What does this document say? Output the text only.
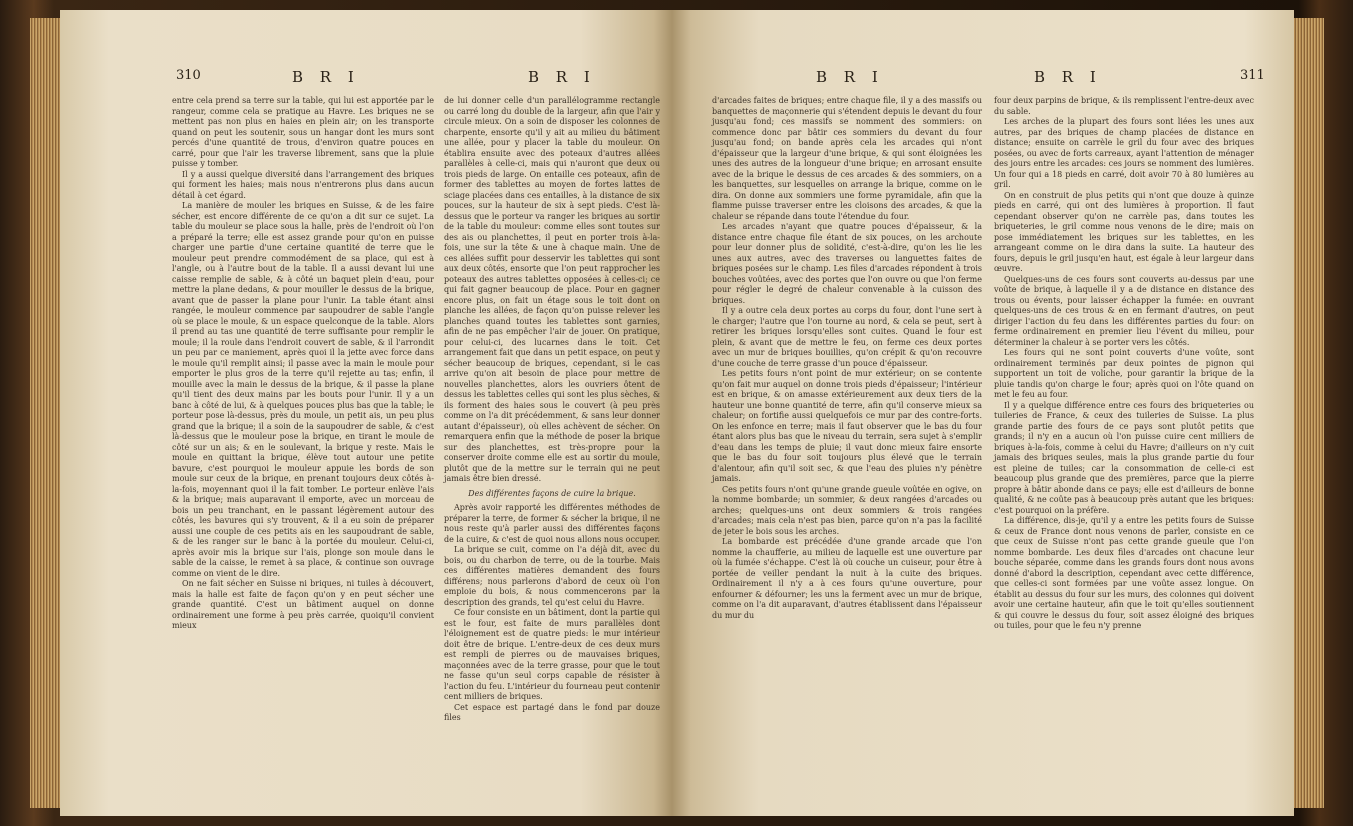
310	B R I	B R I

entre cela prend sa terre sur la table, qui lui est apportée par le rangeur, comme cela se pratique au Havre. Les briques ne se mettent pas non plus en haies en plein air; on les transporte quand on peut les soutenir, sous un hangar dont les murs sont percés d'une quantité de trous, d'environ quatre pouces en carré, pour que l'air les traverse librement, sans que la pluie puisse y tomber.

Il y a aussi quelque diversité dans l'arrangement des briques qui forment les haies; mais nous n'entrerons plus dans aucun détail à cet égard.

La manière de mouler les briques en Suisse, & de les faire sécher, est encore différente de ce qu'on a dit sur ce sujet. La table du mouleur se place sous la halle, près de l'endroit où l'on a préparé la terre; elle est assez grande pour qu'on en puisse charger une partie d'une certaine quantité de terre que le mouleur peut prendre commodément de sa place, qui est à l'angle, ou à l'autre bout de la table. Il a aussi devant lui une caisse remplie de sable, & à côté un baquet plein d'eau, pour mettre la plane dedans, & pour mouiller le dessus de la brique, avant que de passer la plane pour l'unir. La table étant ainsi rangée, le mouleur commence par saupoudrer de sable l'angle où se place le moule, & un espace quelconque de la table. Alors il prend au tas une quantité de terre suffisante pour remplir le moule; il la roule dans l'endroit couvert de sable, & il l'arrondit un peu par ce maniement, après quoi il la jette avec force dans le moule qu'il remplit ainsi; il passe avec la main le moule pour emporter le plus gros de la terre qu'il rejette au tas; enfin, il mouille avec la main le dessus de la brique, & il passe la plane qu'il tient des deux mains par les bouts pour l'unir. Il y a un banc à côté de lui, & à quelques pouces plus bas que la table; le porteur pose là-dessus, près du moule, un petit ais, un peu plus grand que la brique; il a soin de la saupoudrer de sable, & c'est là-dessus que le mouleur pose la brique, en tirant le moule de côté sur un ais; & en le soulevant, la brique y reste. Mais le moule en quittant la brique, élève tout autour une petite bavure, c'est pourquoi le mouleur appuie les bords de son moule sur ceux de la brique, en prenant toujours deux côtés à-la-fois, moyennant quoi il la fait tomber. Le porteur enlève l'ais & la brique; mais auparavant il emporte, avec un morceau de bois un peu tranchant, en le passant légèrement autour des côtés, les bavures qui s'y trouvent, & il a eu soin de préparer aussi une couple de ces petits ais en les saupoudrant de sable, & de les ranger sur le banc à la portée du mouleur. Celui-ci, après avoir mis la brique sur l'ais, plonge son moule dans le sable de la caisse, le remet à sa place, & continue son ouvrage comme on vient de le dire.

On ne fait sécher en Suisse ni briques, ni tuiles à découvert, mais la halle est faite de façon qu'on y en peut sécher une grande quantité. C'est un bâtiment auquel on donne ordinairement une forme à peu près carrée, quoiqu'il convient mieux

de lui donner celle d'un parallélogramme rectangle ou carré long du double de la largeur, afin que l'air y circule mieux. On a soin de disposer les colonnes de charpente, ensorte qu'il y ait au milieu du bâtiment une allée, pour y placer la table du mouleur. On établira ensuite avec des poteaux d'autres allées parallèles à celle-ci, mais qui n'auront que deux ou trois pieds de large. On entaille ces poteaux, afin de former des tablettes au moyen de fortes lattes de sciage placées dans ces entailles, à la distance de six pouces, sur la hauteur de six à sept pieds. C'est là-dessus que le porteur va ranger les briques au sortir de la table du mouleur: comme elles sont toutes sur des ais ou planchettes, il peut en porter trois à-la-fois, une sur la tête & une à chaque main. Une de ces allées suffit pour desservir les tablettes qui sont aux deux côtés, ensorte que l'on peut rapprocher les poteaux des autres tablettes opposées à celles-ci; ce qui fait gagner beaucoup de place. Pour en gagner encore plus, on fait un étage sous le toit dont on planche les allées, de façon qu'on puisse relever les planches quand toutes les tablettes sont garnies, afin de ne pas empêcher l'air de jouer. On pratique, pour celui-ci, des lucarnes dans le toit. Cet arrangement fait que dans un petit espace, on peut y sécher beaucoup de briques, cependant, si le cas arrive qu'on ait besoin de place pour mettre de nouvelles planchettes, alors les ouvriers ôtent de dessus les tablettes celles qui sont les plus sèches, & ils forment des haies sous le couvert (à peu près comme on l'a dit précédemment, & sans leur donner autant d'épaisseur), où elles achèvent de sécher. On remarquera enfin que la méthode de poser la brique sur des planchettes, est très-propre pour la conserver droite comme elle est au sortir du moule, plutôt que de la mettre sur le terrain qui ne peut jamais être bien dressé.

Des différentes façons de cuire la brique.

Après avoir rapporté les différentes méthodes de préparer la terre, de former & sécher la brique, il ne nous reste qu'à parler aussi des différentes façons de la cuire, & c'est de quoi nous allons nous occuper.

La brique se cuit, comme on l'a déjà dit, avec du bois, ou du charbon de terre, ou de la tourbe. Mais ces différentes matières demandent des fours différens; nous parlerons d'abord de ceux où l'on emploie du bois, & nous commencerons par la description des grands, tel qu'est celui du Havre.

Ce four consiste en un bâtiment, dont la partie qui est le four, est faite de murs parallèles dont l'éloignement est de quatre pieds: le mur intérieur doit être de brique. L'entre-deux de ces deux murs est rempli de pierres ou de mauvaises briques, maçonnées avec de la terre grasse, pour que le tout ne fasse qu'un seul corps capable de résister à l'action du feu. L'intérieur du fourneau peut contenir cent milliers de briques.

Cet espace est partagé dans le fond par douze files

B R I	B R I	311

d'arcades faites de briques; entre chaque file, il y a des massifs ou banquettes de maçonnerie qui s'étendent depuis le devant du four jusqu'au fond; ces massifs se nomment des sommiers: on commence donc par bâtir ces sommiers du devant du four jusqu'au fond; on bande après cela les arcades qui n'ont d'épaisseur que la largeur d'une brique, & qui sont éloignées les unes des autres de la longueur d'une brique; en arrosant ensuite avec de la brique le dessus de ces arcades & des sommiers, on a les banquettes, sur lesquelles on arrange la brique, comme on le dira. On donne aux sommiers une forme pyramidale, afin que la flamme puisse traverser entre les cloisons des arcades, & que la chaleur se répande dans toute l'étendue du four.

Les arcades n'ayant que quatre pouces d'épaisseur, & la distance entre chaque file étant de six pouces, on les archoute pour leur donner plus de solidité, c'est-à-dire, qu'on les lie les unes aux autres, avec des traverses ou languettes faites de briques posées sur le champ. Les files d'arcades répondent à trois bouches voûtées, avec des portes que l'on ouvre ou que l'on ferme pour régler le degré de chaleur convenable à la cuisson des briques.

Il y a outre cela deux portes au corps du four, dont l'une sert à le charger; l'autre que l'on tourne au nord, & cela se peut, sert à retirer les briques lorsqu'elles sont cuites. Quand le four est plein, & avant que de mettre le feu, on ferme ces deux portes avec un mur de briques bouillies, qu'on crépit & qu'on recouvre d'une couche de terre grasse d'un pouce d'épaisseur.

Les petits fours n'ont point de mur extérieur; on se contente qu'on fait mur auquel on donne trois pieds d'épaisseur; l'intérieur est en brique, & on amasse extérieurement aux deux tiers de la hauteur une bonne quantité de terre, afin qu'il conserve mieux sa chaleur; on fortifie aussi quelquefois ce mur par des contre-forts. On les enfonce en terre; mais il faut observer que le bas du four étant alors plus bas que le niveau du terrain, sera sujet à s'emplir d'eau dans les temps de pluie; il vaut donc mieux faire ensorte que le bas du four soit toujours plus élevé que le terrain d'alentour, afin qu'il soit sec, & que l'eau des pluies n'y pénètre jamais.

Ces petits fours n'ont qu'une grande gueule voûtée en ogive, on la nomme bombarde; un sommier, & deux rangées d'arcades ou arches; quelques-uns ont deux sommiers & trois rangées d'arcades; mais cela n'est pas bien, parce qu'on n'a pas la facilité de jeter le bois sous les arches.

La bombarde est précédée d'une grande arcade que l'on nomme la chaufferie, au milieu de laquelle est une ouverture par où la fumée s'échappe. C'est là où couche un cuiseur, pour être à portée de veiller pendant la nuit à la cuite des briques. Ordinairement il n'y a à ces fours qu'une ouverture, pour enfourner & défourner; les uns la ferment avec un mur de brique, comme on l'a dit auparavant, d'autres établissent dans l'épaisseur du mur du

four deux parpins de brique, & ils remplissent l'entre-deux avec du sable.

Les arches de la plupart des fours sont liées les unes aux autres, par des briques de champ placées de distance en distance; ensuite on carrèle le gril du four avec des briques posées, ou avec de forts carreaux, ayant l'attention de ménager des jours entre les arcades: ces jours se nomment des lumières. Un four qui a 18 pieds en carré, doit avoir 70 à 80 lumières au gril.

On en construit de plus petits qui n'ont que douze à quinze pieds en carré, qui ont des lumières à proportion. Il faut cependant observer qu'on ne carrèle pas, dans toutes les briqueteries, le gril comme nous venons de le dire; mais on pose immédiatement les briques sur les tablettes, en les arrangeant comme on le dira dans la suite. La hauteur des fours, depuis le gril jusqu'en haut, est égale à leur largeur dans œuvre.

Quelques-uns de ces fours sont couverts au-dessus par une voûte de brique, à laquelle il y a de distance en distance des trous ou évents, pour laisser échapper la fumée: en ouvrant quelques-uns de ces trous & en en fermant d'autres, on peut diriger l'action du feu dans les différentes parties du four: on ferme ordinairement en premier lieu l'évent du milieu, pour déterminer la chaleur à se porter vers les côtés.

Les fours qui ne sont point couverts d'une voûte, sont ordinairement terminés par deux pointes de pignon qui supportent un toit de voliche, pour garantir la brique de la pluie tandis qu'on charge le four; après quoi on l'ôte quand on met le feu au four.

Il y a quelque différence entre ces fours des briqueteries ou tuileries de France, & ceux des tuileries de Suisse. La plus grande partie des fours de ce pays sont plutôt petits que grands; il n'y en a aucun où l'on puisse cuire cent milliers de briques à-la-fois, comme à celui du Havre; d'ailleurs on n'y cuit jamais des briques seules, mais la plus grande partie du four est pleine de tuiles; car la consommation de celle-ci est beaucoup plus grande que des premières, parce que la pierre propre à bâtir abonde dans ce pays; elle est d'ailleurs de bonne qualité, & ne coûte pas à beaucoup près autant que les briques: c'est pourquoi on la préfère.

La différence, dis-je, qu'il y a entre les petits fours de Suisse & ceux de France dont nous venons de parler, consiste en ce que ceux de Suisse n'ont pas cette grande gueule que l'on nomme bombarde. Les deux files d'arcades ont chacune leur bouche séparée, comme dans les grands fours dont nous avons donné d'abord la description, cependant avec cette différence, que celles-ci sont formées par une voûte assez longue. On établit au dessus du four sur les murs, des colonnes qui doivent avoir une certaine hauteur, afin que le toit qu'elles soutiennent & qui couvre le dessus du four, soit assez éloigné des briques ou tuiles, pour que le feu n'y prenne
